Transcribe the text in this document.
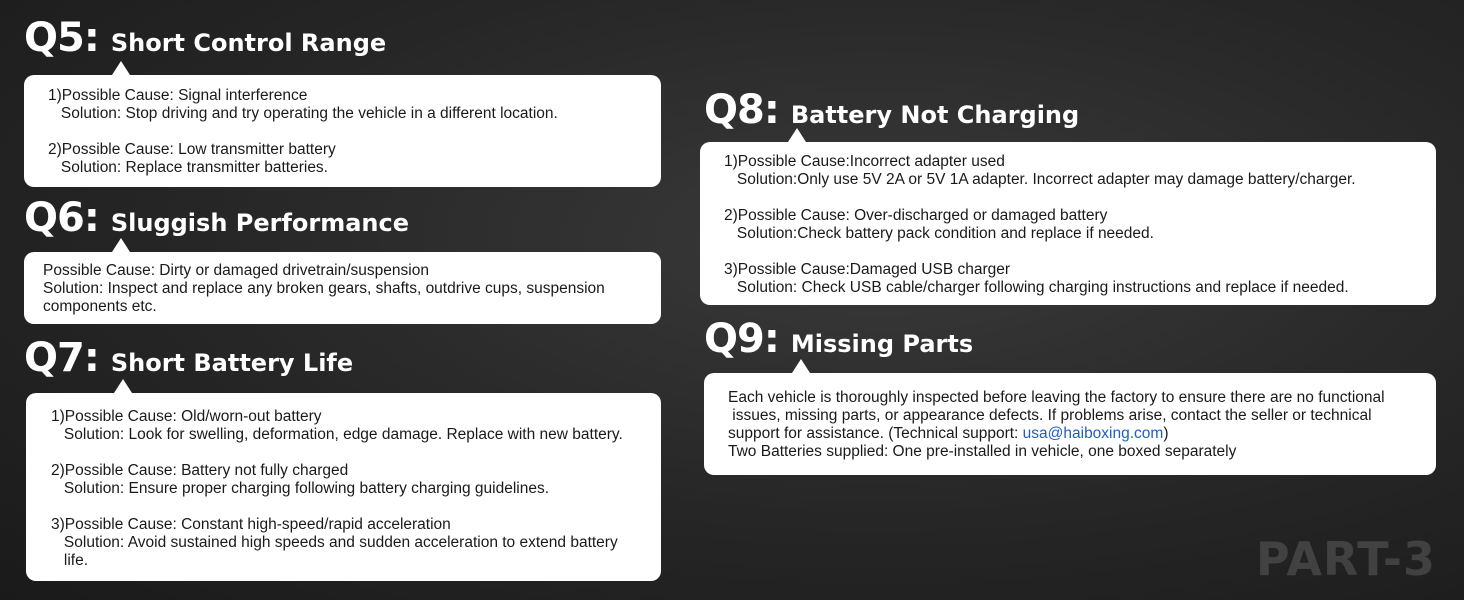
Q5: Short Control Range
1)Possible Cause: Signal interference
Solution: Stop driving and try operating the vehicle in a different location.
2)Possible Cause: Low transmitter battery
Solution: Replace transmitter batteries.
Q6: Sluggish Performance
Possible Cause: Dirty or damaged drivetrain/suspension
Solution: Inspect and replace any broken gears, shafts, outdrive cups, suspension
components etc.
Q7: Short Battery Life
1)Possible Cause: Old/worn-out battery
Solution: Look for swelling, deformation, edge damage. Replace with new battery.
2)Possible Cause: Battery not fully charged
Solution: Ensure proper charging following battery charging guidelines.
3)Possible Cause: Constant high-speed/rapid acceleration
Solution: Avoid sustained high speeds and sudden acceleration to extend battery
life.
Q8: Battery Not Charging
1)Possible Cause:Incorrect adapter used
Solution:Only use 5V 2A or 5V 1A adapter. Incorrect adapter may damage battery/charger.
2)Possible Cause: Over-discharged or damaged battery
Solution:Check battery pack condition and replace if needed.
3)Possible Cause:Damaged USB charger
Solution: Check USB cable/charger following charging instructions and replace if needed.
Q9: Missing Parts
Each vehicle is thoroughly inspected before leaving the factory to ensure there are no functional
issues, missing parts, or appearance defects. If problems arise, contact the seller or technical
support for assistance. (Technical support: usa@haiboxing.com)
Two Batteries supplied: One pre-installed in vehicle, one boxed separately
PART-3
